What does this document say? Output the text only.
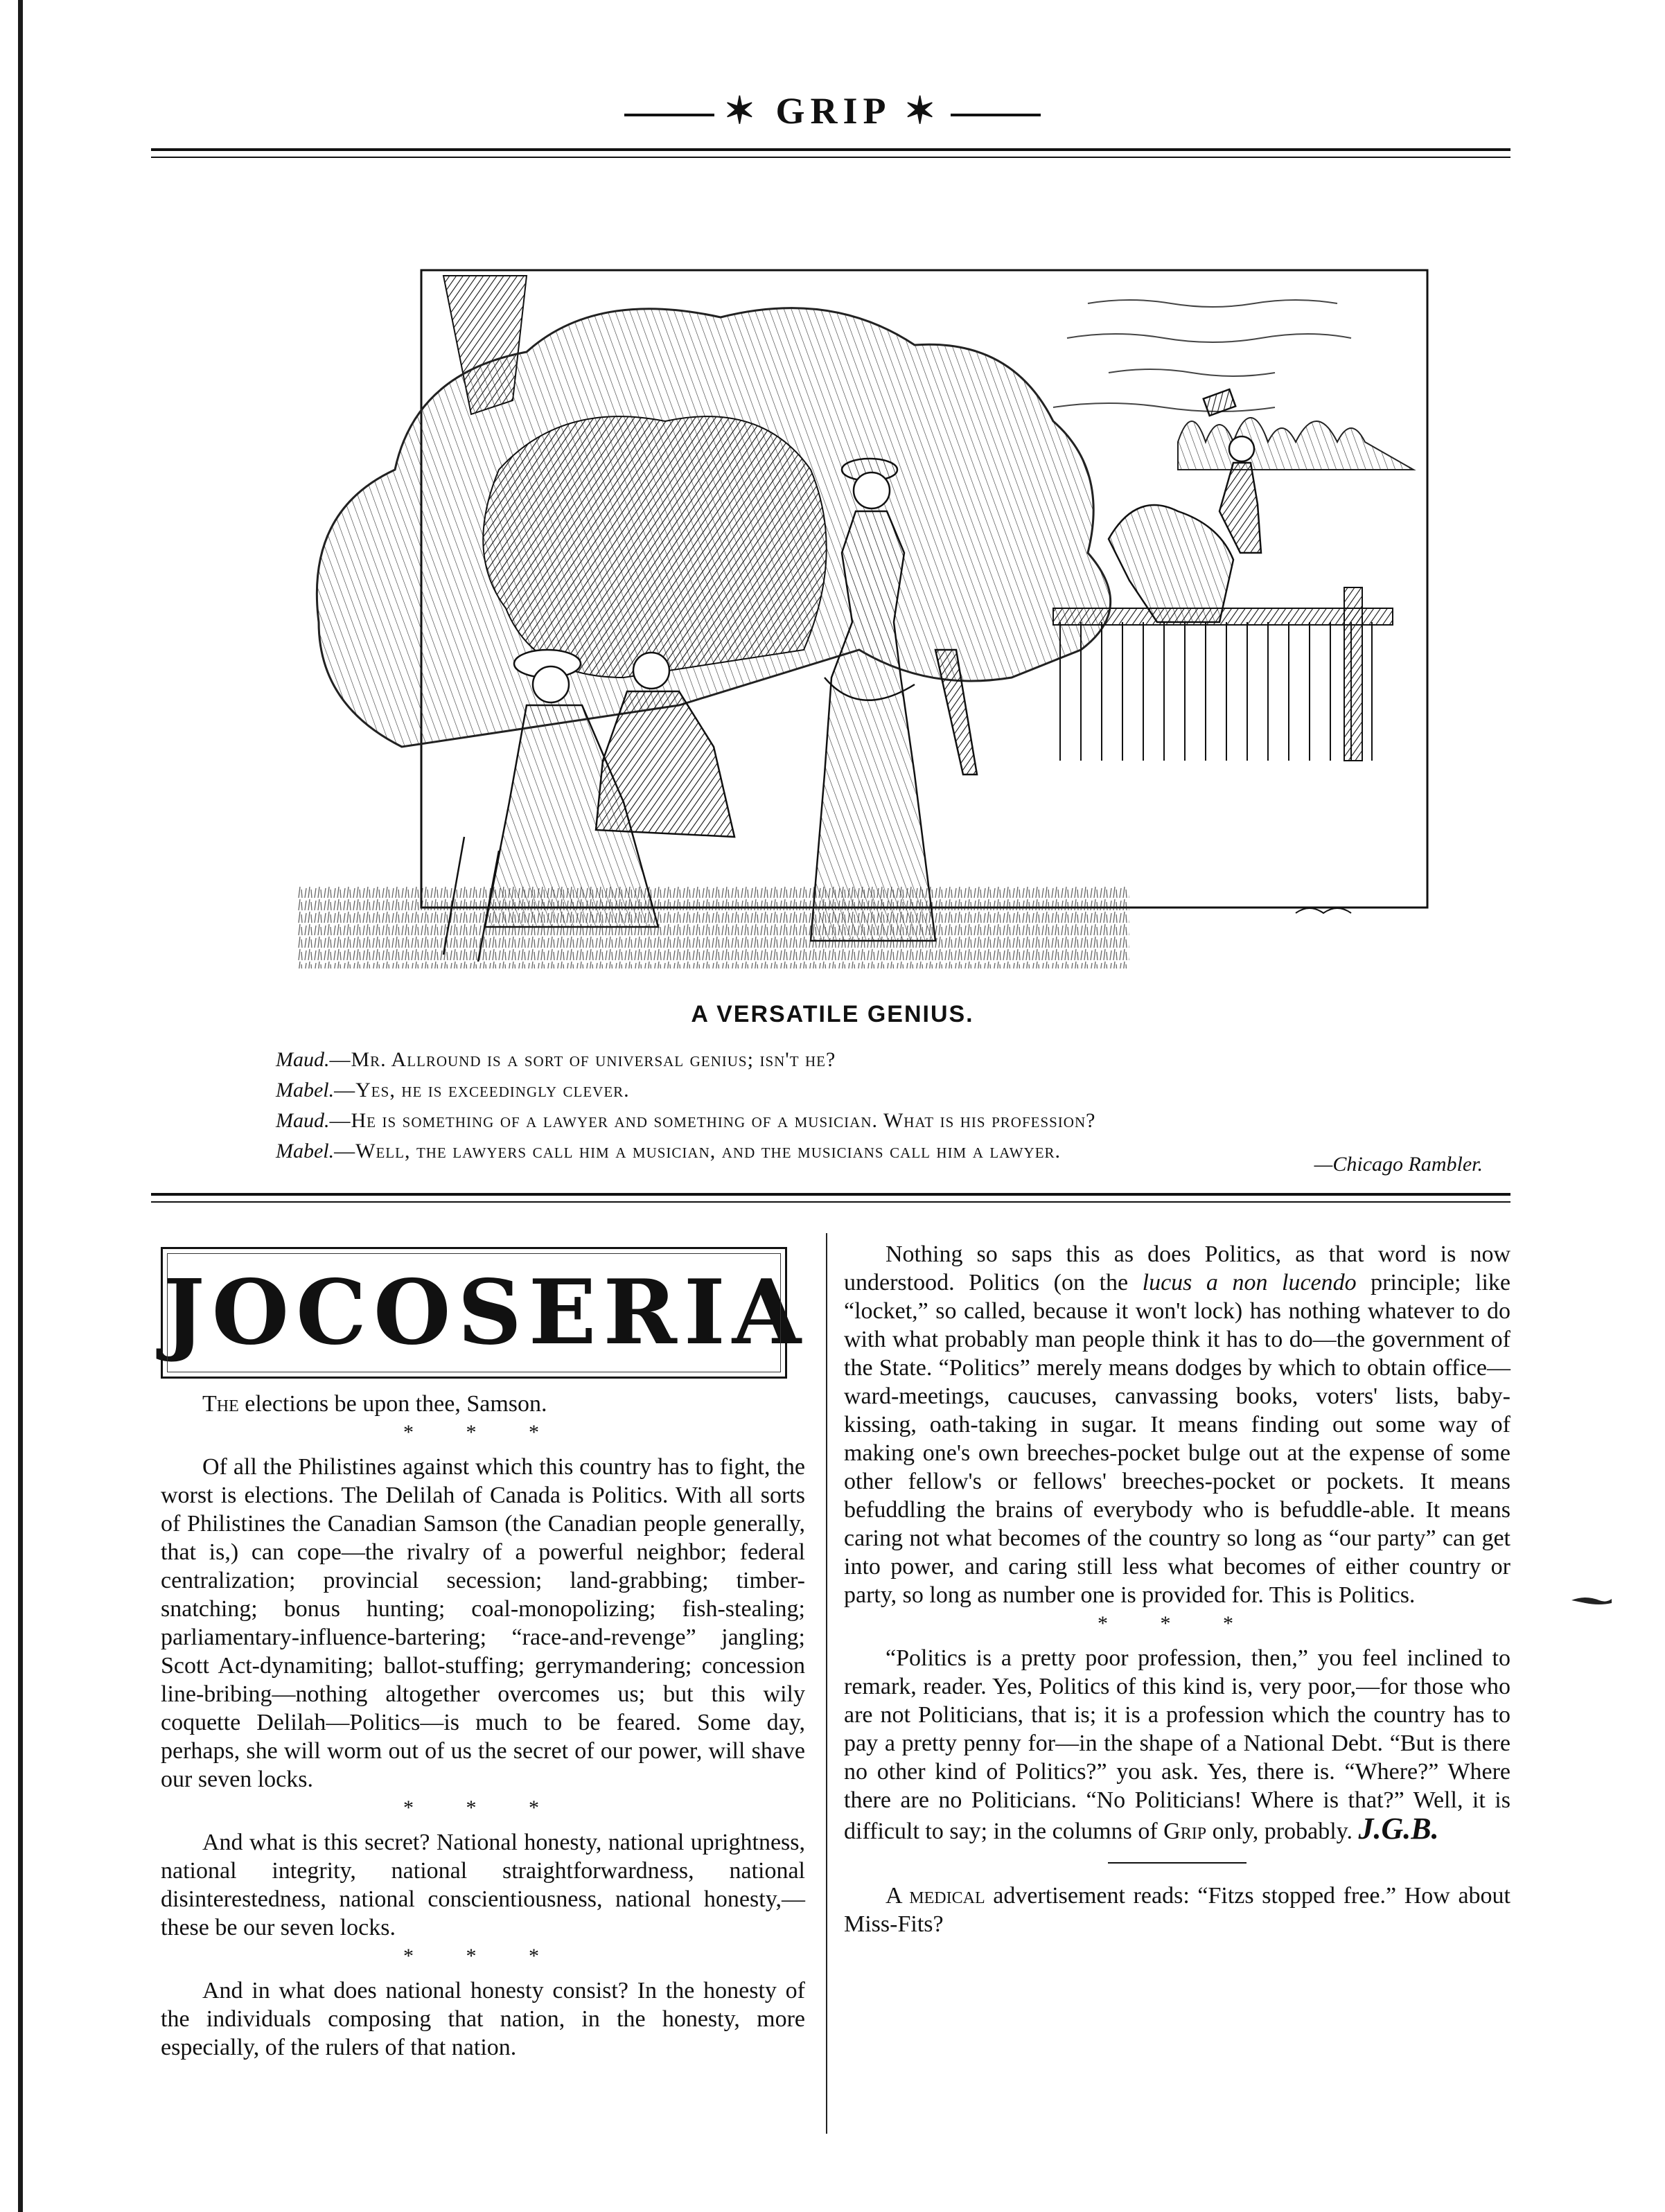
✶ GRIP ✶
A VERSATILE GENIUS.
Maud.—Mr. Allround is a sort of universal genius; isn't he?
Mabel.—Yes, he is exceedingly clever.
Maud.—He is something of a lawyer and something of a musician. What is his profession?
Mabel.—Well, the lawyers call him a musician, and the musicians call him a lawyer.
—Chicago Rambler.
JOCOSERIA

The elections be upon thee, Samson.

* * *

Of all the Philistines against which this country has to fight, the worst is elections. The Delilah of Canada is Politics. With all sorts of Philistines the Canadian Samson (the Canadian people generally, that is,) can cope—the rivalry of a powerful neighbor; federal centralization; provincial secession; land-grabbing; timber-snatching; bonus hunting; coal-monopolizing; fish-stealing; parliamentary-influence-bartering; “race-and-revenge” jangling; Scott Act-dynamiting; ballot-stuffing; gerrymandering; concession line-bribing—nothing altogether overcomes us; but this wily coquette Delilah—Politics—is much to be feared. Some day, perhaps, she will worm out of us the secret of our power, will shave our seven locks.

* * *

And what is this secret? National honesty, national uprightness, national integrity, national straightforwardness, national disinterestedness, national conscientiousness, national honesty,—these be our seven locks.

* * *

And in what does national honesty consist? In the honesty of the individuals composing that nation, in the honesty, more especially, of the rulers of that nation.

Nothing so saps this as does Politics, as that word is now understood. Politics (on the lucus a non lucendo principle; like “locket,” so called, because it won't lock) has nothing whatever to do with what probably man people think it has to do—the government of the State. “Politics” merely means dodges by which to obtain office—ward-meetings, caucuses, canvassing books, voters' lists, baby-kissing, oath-taking in sugar. It means finding out some way of making one's own breeches-pocket bulge out at the expense of some other fellow's or fellows' breeches-pocket or pockets. It means befuddling the brains of everybody who is befuddle-able. It means caring not what becomes of the country so long as “our party” can get into power, and caring still less what becomes of either country or party, so long as number one is provided for. This is Politics.

* * *

“Politics is a pretty poor profession, then,” you feel inclined to remark, reader. Yes, Politics of this kind is, very poor,—for those who are not Politicians, that is; it is a profession which the country has to pay a pretty penny for—in the shape of a National Debt. “But is there no other kind of Politics?” you ask. Yes, there is. “Where?” Where there are no Politicians. “No Politicians! Where is that?” Well, it is difficult to say; in the columns of Grip only, probably. J.G.B.

A medical advertisement reads: “Fitzs stopped free.” How about Miss-Fits?
